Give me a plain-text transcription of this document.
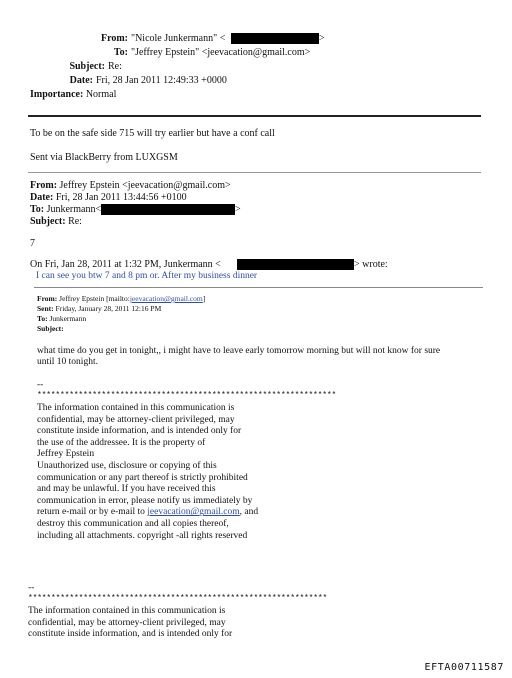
From: "Nicole Junkermann" <	>
To: "Jeffrey Epstein" <jeevacation@gmail.com>
Subject: Re:
Date: Fri, 28 Jan 2011 12:49:33 +0000
Importance: Normal
To be on the safe side 715 will try earlier but have a conf call
Sent via BlackBerry from LUXGSM
From: Jeffrey Epstein <jeevacation@gmail.com>
Date: Fri, 28 Jan 2011 13:44:56 +0100
To: Junkermann<	>
Subject: Re:
7
On Fri, Jan 28, 2011 at 1:32 PM, Junkermann <	> wrote:
I can see you btw 7 and 8 pm or. After my business dinner
From: Jeffrey Epstein [mailto:jeevacation@gmail.com]
Sent: Friday, January 28, 2011 12:16 PM
To: Junkermann
Subject:
what time do you get in tonight,, i might have to leave early tomorrow morning but will not know for sure
until 10 tonight.
--
*****************************************************************
The information contained in this communication is
confidential, may be attorney-client privileged, may
constitute inside information, and is intended only for
the use of the addressee. It is the property of
Jeffrey Epstein
Unauthorized use, disclosure or copying of this
communication or any part thereof is strictly prohibited
and may be unlawful. If you have received this
communication in error, please notify us immediately by
return e-mail or by e-mail to jeevacation@gmail.com, and
destroy this communication and all copies thereof,
including all attachments. copyright -all rights reserved
--
*****************************************************************
The information contained in this communication is
confidential, may be attorney-client privileged, may
constitute inside information, and is intended only for
EFTA00711587
